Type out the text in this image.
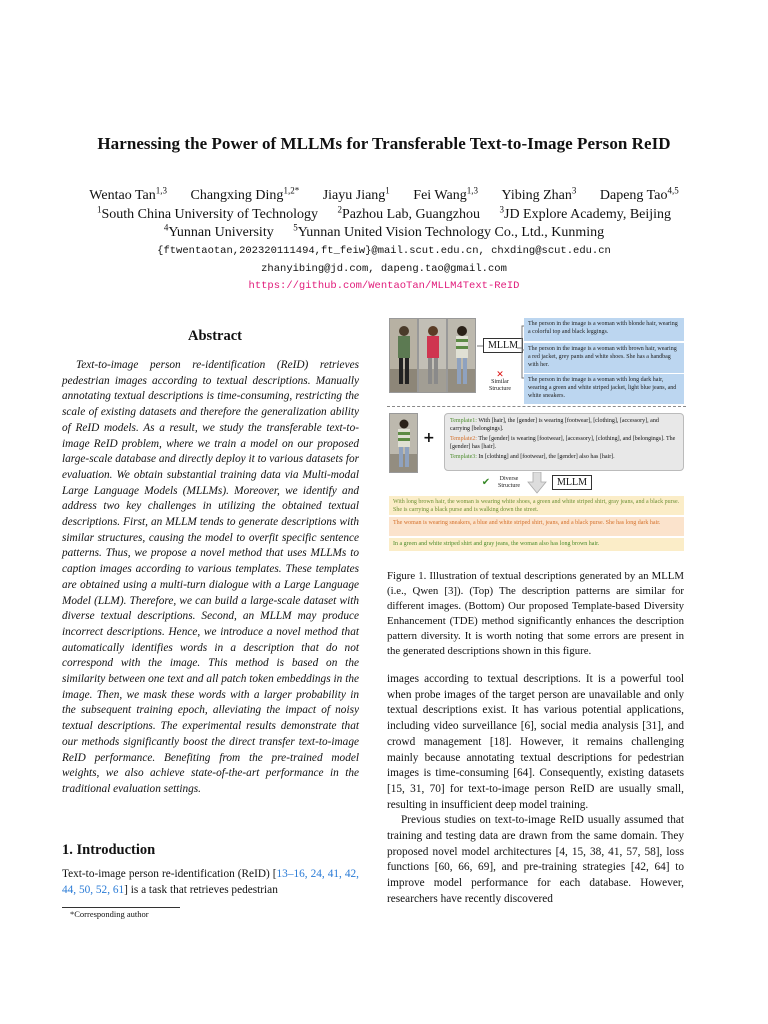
Harnessing the Power of MLLMs for Transferable Text-to-Image Person ReID
Wentao Tan$^{1,3}$ Changxing Ding$^{1,2*}$ Jiayu Jiang$^1$ Fei Wang$^{1,3}$ Yibing Zhan$^3$ Dapeng Tao$^{4,5}$
$^1$South China University of Technology $^2$Pazhou Lab, Guangzhou $^3$JD Explore Academy, Beijing
$^4$Yunnan University $^5$Yunnan United Vision Technology Co., Ltd., Kunming
{ftwentaotan,202320111494,ft_feiw}@mail.scut.edu.cn, chxding@scut.edu.cn
zhanyibing@jd.com, dapeng.tao@gmail.com
https://github.com/WentaoTan/MLLM4Text-ReID
Abstract
Text-to-image person re-identification (ReID) retrieves pedestrian images according to textual descriptions. Manually annotating textual descriptions is time-consuming, restricting the scale of existing datasets and therefore the generalization ability of ReID models. As a result, we study the transferable text-to-image ReID problem, where we train a model on our proposed large-scale database and directly deploy it to various datasets for evaluation. We obtain substantial training data via Multi-modal Large Language Models (MLLMs). Moreover, we identify and address two key challenges in utilizing the obtained textual descriptions. First, an MLLM tends to generate descriptions with similar structures, causing the model to overfit specific sentence patterns. Thus, we propose a novel method that uses MLLMs to caption images according to various templates. These templates are obtained using a multi-turn dialogue with a Large Language Model (LLM). Therefore, we can build a large-scale dataset with diverse textual descriptions. Second, an MLLM may produce incorrect descriptions. Hence, we introduce a novel method that automatically identifies words in a description that do not correspond with the image. This method is based on the similarity between one text and all patch token embeddings in the image. Then, we mask these words with a larger probability in the subsequent training epoch, alleviating the impact of noisy textual descriptions. The experimental results demonstrate that our methods significantly boost the direct transfer text-to-image ReID performance. Benefiting from the pre-trained model weights, we also achieve state-of-the-art performance in the traditional evaluation settings.
1. Introduction
Text-to-image person re-identification (ReID) [13–16, 24, 41, 42, 44, 50, 52, 61] is a task that retrieves pedestrian
*Corresponding author
MLLM
✕
Similar Structure
The person in the image is a woman with blonde hair, wearing a colorful top and black leggings.
The person in the image is a woman with brown hair, wearing a red jacket, grey pants and white shoes. She has a handbag with her.
The person in the image is a woman with long dark hair, wearing a green and white striped jacket, light blue jeans, and white sneakers.
+

Template1: With [hair], the [gender] is wearing [footwear], [clothing], [accessory], and carrying [belongings].

Template2: The [gender] is wearing [footwear], [accessory], [clothing], and [belongings]. The [gender] has [hair].

Template3: In [clothing] and [footwear], the [gender] also has [hair].

✔	Diverse Structure	MLLM
With long brown hair, the woman is wearing white shoes, a green and white striped shirt, gray jeans, and a black purse. She is carrying a black purse and is walking down the street.
The woman is wearing sneakers, a blue and white striped shirt, jeans, and a black purse. She has long dark hair.
In a green and white striped shirt and gray jeans, the woman also has long brown hair.
Figure 1. Illustration of textual descriptions generated by an MLLM (i.e., Qwen [3]). (Top) The description patterns are similar for different images. (Bottom) Our proposed Template-based Diversity Enhancement (TDE) method significantly enhances the description pattern diversity. It is worth noting that some errors are present in the generated descriptions shown in this figure.

images according to textual descriptions. It is a powerful tool when probe images of the target person are unavailable and only textual descriptions exist. It has various potential applications, including video surveillance [6], social media analysis [31], and crowd management [18]. However, it remains challenging mainly because annotating textual descriptions for pedestrian images is time-consuming [64]. Consequently, existing datasets [15, 31, 70] for text-to-image person ReID are usually small, resulting in insufficient deep model training.

Previous studies on text-to-image ReID usually assumed that training and testing data are drawn from the same domain. They proposed novel model architectures [4, 15, 38, 41, 57, 58], loss functions [60, 66, 69], and pre-training strategies [42, 64] to improve model performance for each database. However, researchers have recently discovered
